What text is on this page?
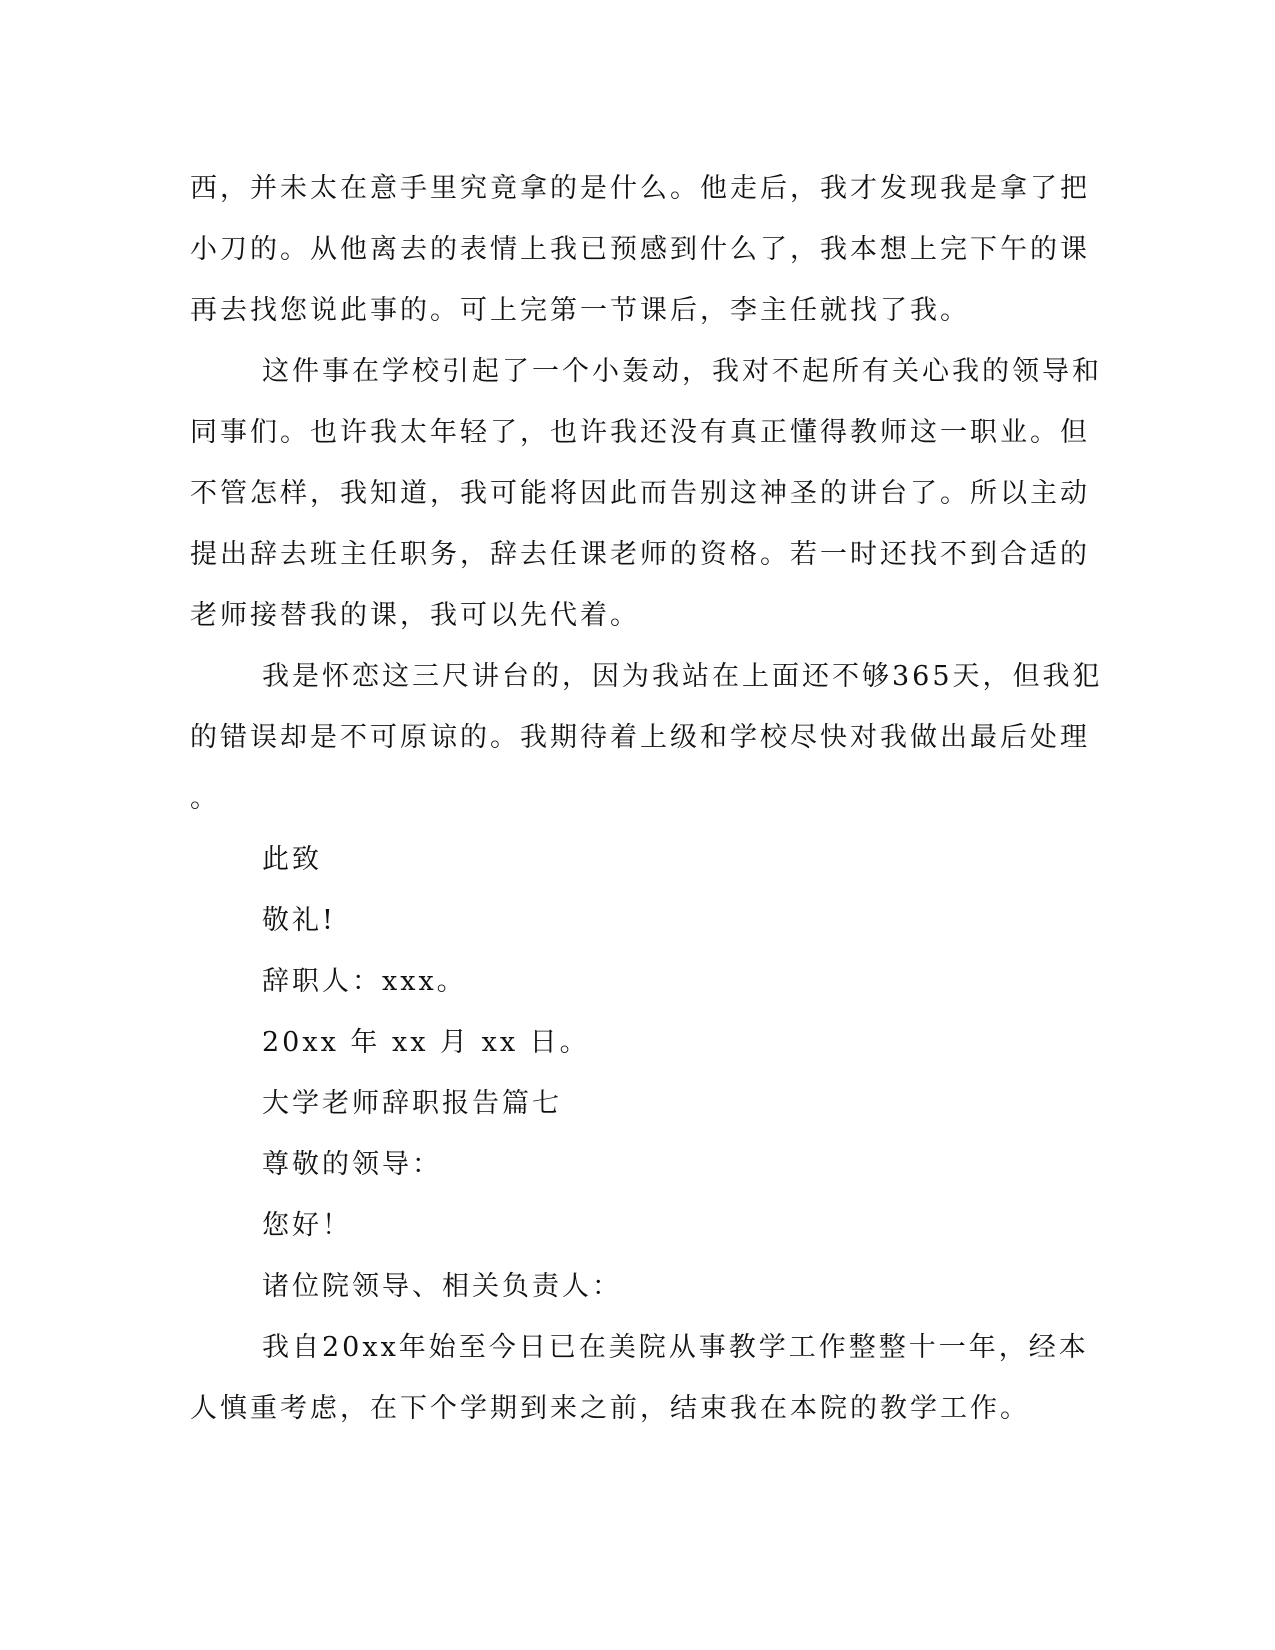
西，并未太在意手里究竟拿的是什么。他走后，我才发现我是拿了把
小刀的。从他离去的表情上我已预感到什么了，我本想上完下午的课
再去找您说此事的。可上完第一节课后，李主任就找了我。

这件事在学校引起了一个小轰动，我对不起所有关心我的领导和
同事们。也许我太年轻了，也许我还没有真正懂得教师这一职业。但
不管怎样，我知道，我可能将因此而告别这神圣的讲台了。所以主动
提出辞去班主任职务，辞去任课老师的资格。若一时还找不到合适的
老师接替我的课，我可以先代着。

我是怀恋这三尺讲台的，因为我站在上面还不够365天，但我犯
的错误却是不可原谅的。我期待着上级和学校尽快对我做出最后处理
。

此致

敬礼!

辞职人：xxx。

20xx 年 xx 月 xx 日。

大学老师辞职报告篇七

尊敬的领导：

您好！

诸位院领导、相关负责人：

我自20xx年始至今日已在美院从事教学工作整整十一年，经本
人慎重考虑，在下个学期到来之前，结束我在本院的教学工作。
